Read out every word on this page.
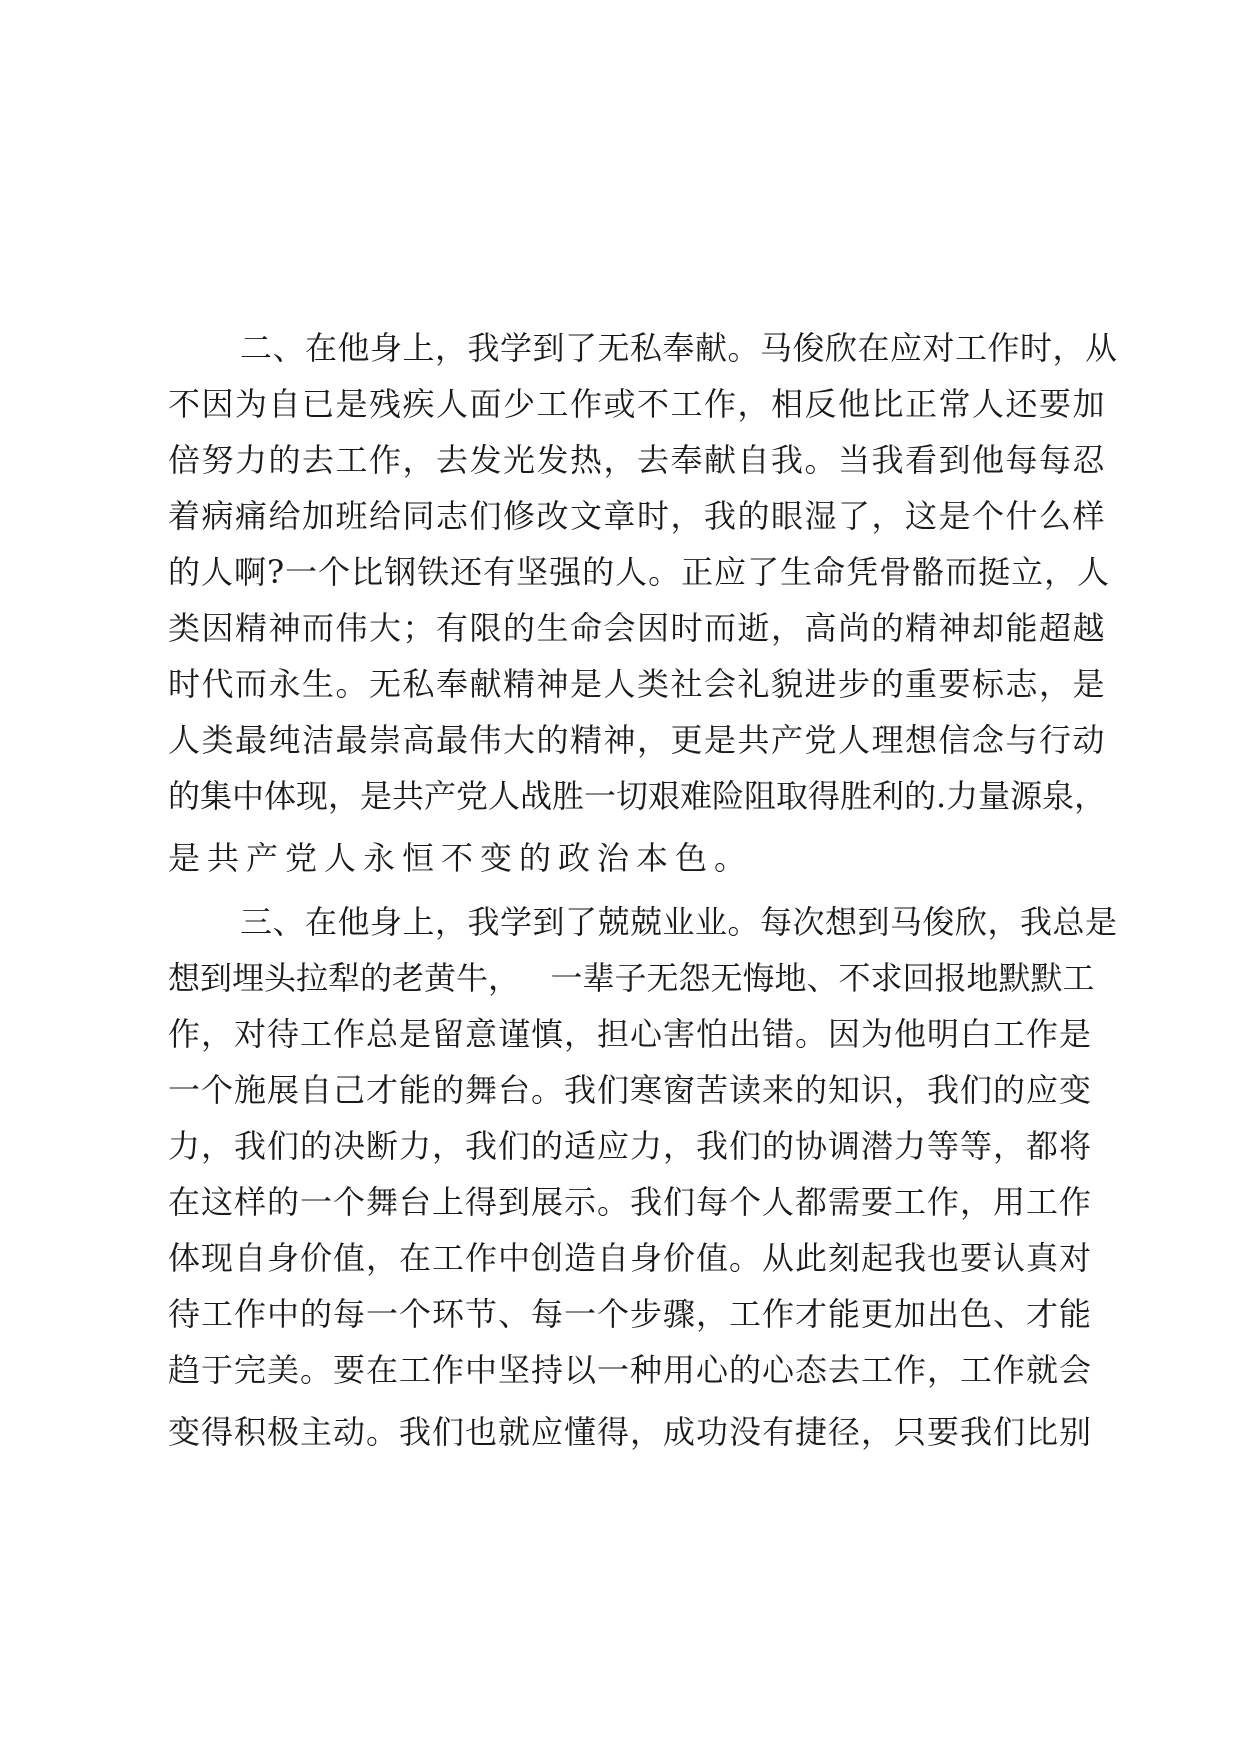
二、在他身上，我学到了无私奉献。马俊欣在应对工作时，从
不因为自已是残疾人面少工作或不工作，相反他比正常人还要加
倍努力的去工作，去发光发热，去奉献自我。当我看到他每每忍
着病痛给加班给同志们修改文章时，我的眼湿了，这是个什么样
的人啊?一个比钢铁还有坚强的人。正应了生命凭骨骼而挺立，人
类因精神而伟大；有限的生命会因时而逝，高尚的精神却能超越
时代而永生。无私奉献精神是人类社会礼貌进步的重要标志，是
人类最纯洁最崇高最伟大的精神，更是共产党人理想信念与行动
的集中体现，是共产党人战胜一切艰难险阻取得胜利的.力量源泉，
是共产党人永恒不变的政治本色。
三、在他身上，我学到了兢兢业业。每次想到马俊欣，我总是
想到埋头拉犁的老黄牛，   一辈子无怨无悔地、不求回报地默默工
作，对待工作总是留意谨慎，担心害怕出错。因为他明白工作是
一个施展自己才能的舞台。我们寒窗苦读来的知识，我们的应变
力，我们的决断力，我们的适应力，我们的协调潜力等等，都将
在这样的一个舞台上得到展示。我们每个人都需要工作，用工作
体现自身价值，在工作中创造自身价值。从此刻起我也要认真对
待工作中的每一个环节、每一个步骤，工作才能更加出色、才能
趋于完美。要在工作中坚持以一种用心的心态去工作，工作就会
变得积极主动。我们也就应懂得，成功没有捷径，只要我们比别
